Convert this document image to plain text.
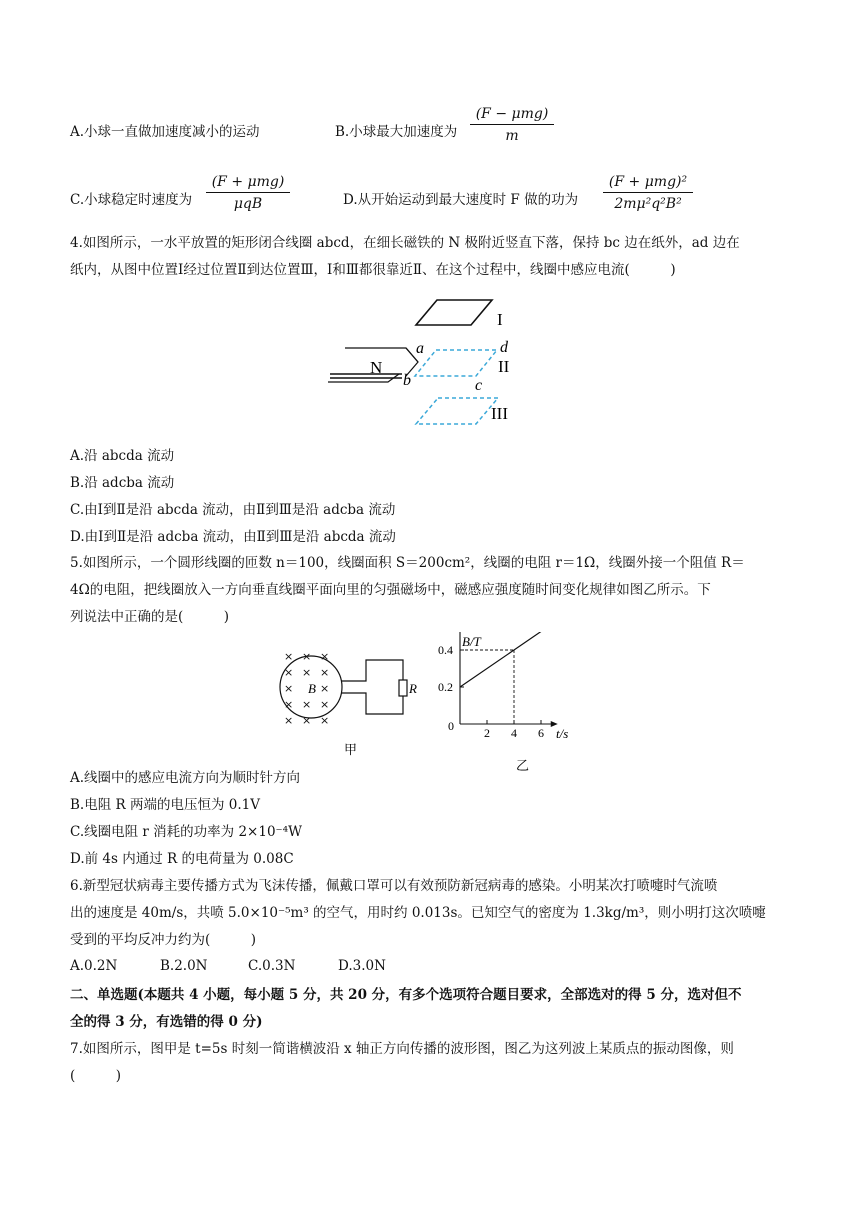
A.小球一直做加速度减小的运动	B.小球最大加速度为
(F − μmg)
m
C.小球稳定时速度为
(F + μmg)
μqB	D.从开始运动到最大速度时 F 做的功为
(F + μmg)²
2mμ²q²B²
4.如图所示，一水平放置的矩形闭合线圈 abcd，在细长磁铁的 N 极附近竖直下落，保持 bc 边在纸外，ad 边在
纸内，从图中位置Ⅰ经过位置Ⅱ到达位置Ⅲ，Ⅰ和Ⅲ都很靠近Ⅱ、在这个过程中，线圈中感应电流(　　　)
N
I
a	d
b	c
II
III
A.沿 abcda 流动
B.沿 adcba 流动
C.由Ⅰ到Ⅱ是沿 abcda 流动，由Ⅱ到Ⅲ是沿 adcba 流动
D.由Ⅰ到Ⅱ是沿 adcba 流动，由Ⅱ到Ⅲ是沿 abcda 流动
5.如图所示，一个圆形线圈的匝数 n＝100，线圈面积 S＝200cm²，线圈的电阻 r＝1Ω，线圈外接一个阻值 R＝
4Ω的电阻，把线圈放入一方向垂直线圈平面向里的匀强磁场中，磁感应强度随时间变化规律如图乙所示。下
列说法中正确的是(　　　)
× × ×
× × ×
× ×
× × ×
× × ×
B	R
甲
2 4 6
0.4
0.2
0
B/T
t/s
乙
A.线圈中的感应电流方向为顺时针方向
B.电阻 R 两端的电压恒为 0.1V
C.线圈电阻 r 消耗的功率为 2×10⁻⁴W
D.前 4s 内通过 R 的电荷量为 0.08C
6.新型冠状病毒主要传播方式为飞沫传播，佩戴口罩可以有效预防新冠病毒的感染。小明某次打喷嚏时气流喷
出的速度是 40m/s，共喷 5.0×10⁻⁵m³ 的空气，用时约 0.013s。已知空气的密度为 1.3kg/m³，则小明打这次喷嚏
受到的平均反冲力约为(　　　)
A.0.2N	B.2.0N	C.0.3N	D.3.0N
二、单选题(本题共 4 小题，每小题 5 分，共 20 分，有多个选项符合题目要求，全部选对的得 5 分，选对但不
全的得 3 分，有选错的得 0 分)
7.如图所示，图甲是 t=5s 时刻一简谐横波沿 x 轴正方向传播的波形图，图乙为这列波上某质点的振动图像，则
(　　　)
